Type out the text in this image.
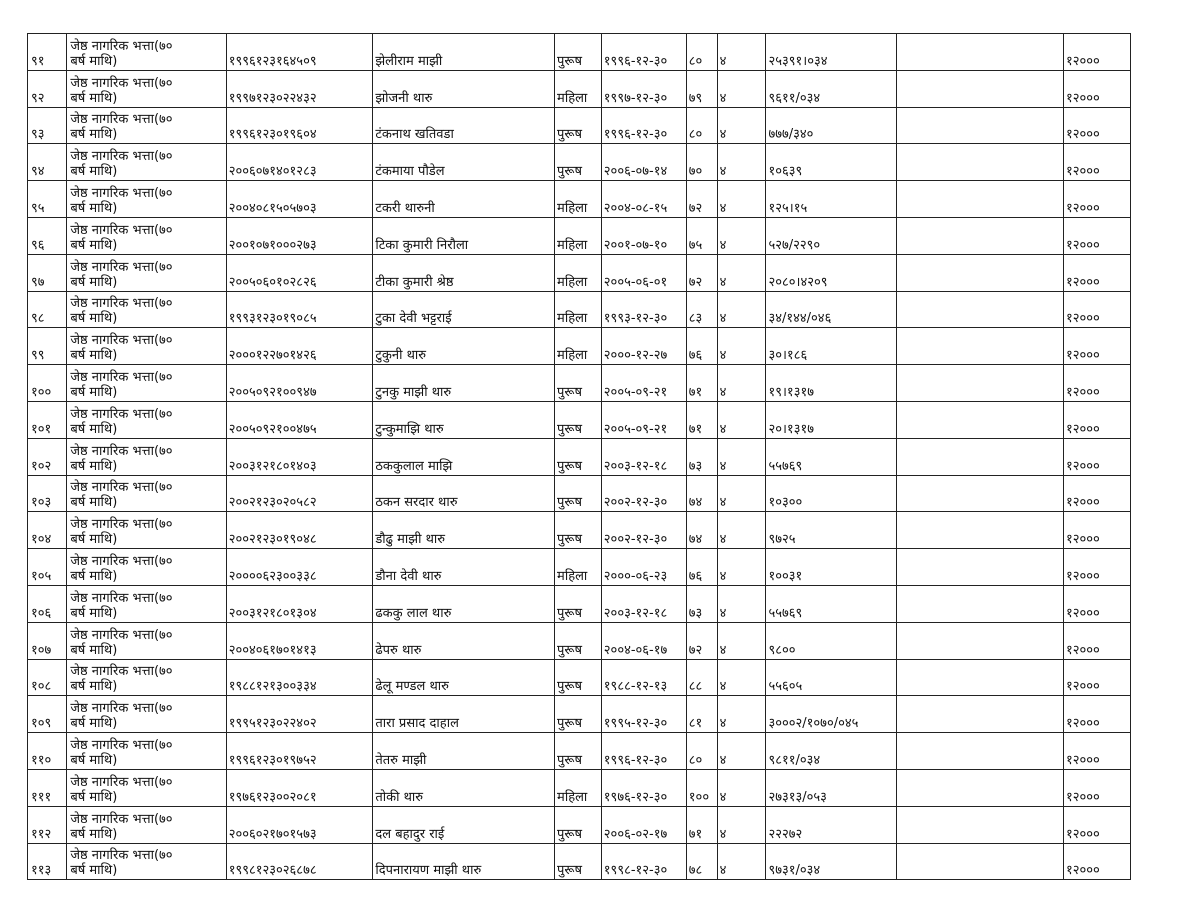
९१	जेष्ठ नागरिक भत्ता(७०
बर्ष माथि)	१९९६१२३१६४५०९	झेलीराम माझी	पुरूष	१९९६-१२-३०	८०	४	२५३९१।०३४		१२०००
९२	जेष्ठ नागरिक भत्ता(७०
बर्ष माथि)	१९९७१२३०२२४३२	झोजनी थारु	महिला	१९९७-१२-३०	७९	४	९६११/०३४		१२०००
९३	जेष्ठ नागरिक भत्ता(७०
बर्ष माथि)	१९९६१२३०१९६०४	टंकनाथ खतिवडा	पुरूष	१९९६-१२-३०	८०	४	७७७/३४०		१२०००
९४	जेष्ठ नागरिक भत्ता(७०
बर्ष माथि)	२००६०७१४०१२८३	टंकमाया पौडेल	पुरूष	२००६-०७-१४	७०	४	१०६३९		१२०००
९५	जेष्ठ नागरिक भत्ता(७०
बर्ष माथि)	२००४०८१५०५७०३	टकरी थारुनी	महिला	२००४-०८-१५	७२	४	१२५।१५		१२०००
९६	जेष्ठ नागरिक भत्ता(७०
बर्ष माथि)	२००१०७१०००२७३	टिका कुमारी निरौला	महिला	२००१-०७-१०	७५	४	५२७/२२९०		१२०००
९७	जेष्ठ नागरिक भत्ता(७०
बर्ष माथि)	२००५०६०१०२८२६	टीका कुमारी श्रेष्ठ	महिला	२००५-०६-०१	७२	४	२०८०।४२०९		१२०००
९८	जेष्ठ नागरिक भत्ता(७०
बर्ष माथि)	१९९३१२३०१९०८५	टुका देवी भट्टराई	महिला	१९९३-१२-३०	८३	४	३४/१४४/०४६		१२०००
९९	जेष्ठ नागरिक भत्ता(७०
बर्ष माथि)	२०००१२२७०१४२६	टुकुनी थारु	महिला	२०००-१२-२७	७६	४	३०।१८६		१२०००
१००	जेष्ठ नागरिक भत्ता(७०
बर्ष माथि)	२००५०९२१००९४७	टुनकु माझी थारु	पुरूष	२००५-०९-२१	७१	४	१९।१३१७		१२०००
१०१	जेष्ठ नागरिक भत्ता(७०
बर्ष माथि)	२००५०९२१००४७५	टुन्कुमाझि थारु	पुरूष	२००५-०९-२१	७१	४	२०।१३१७		१२०००
१०२	जेष्ठ नागरिक भत्ता(७०
बर्ष माथि)	२००३१२१८०१४०३	ठककुलाल माझि	पुरूष	२००३-१२-१८	७३	४	५५७६९		१२०००
१०३	जेष्ठ नागरिक भत्ता(७०
बर्ष माथि)	२००२१२३०२०५८२	ठकन सरदार थारु	पुरूष	२००२-१२-३०	७४	४	१०३००		१२०००
१०४	जेष्ठ नागरिक भत्ता(७०
बर्ष माथि)	२००२१२३०१९०४८	डौढु माझी थारु	पुरूष	२००२-१२-३०	७४	४	९७२५		१२०००
१०५	जेष्ठ नागरिक भत्ता(७०
बर्ष माथि)	२००००६२३००३३८	डौना देवी थारु	महिला	२०००-०६-२३	७६	४	१००३१		१२०००
१०६	जेष्ठ नागरिक भत्ता(७०
बर्ष माथि)	२००३१२१८०१३०४	ढककु लाल थारु	पुरूष	२००३-१२-१८	७३	४	५५७६९		१२०००
१०७	जेष्ठ नागरिक भत्ता(७०
बर्ष माथि)	२००४०६१७०१४१३	ढेपरु थारु	पुरूष	२००४-०६-१७	७२	४	९८००		१२०००
१०८	जेष्ठ नागरिक भत्ता(७०
बर्ष माथि)	१९८८१२१३००३३४	ढेलू मण्डल थारु	पुरूष	१९८८-१२-१३	८८	४	५५६०५		१२०००
१०९	जेष्ठ नागरिक भत्ता(७०
बर्ष माथि)	१९९५१२३०२२४०२	तारा प्रसाद दाहाल	पुरूष	१९९५-१२-३०	८१	४	३०००२/१०७०/०४५		१२०००
११०	जेष्ठ नागरिक भत्ता(७०
बर्ष माथि)	१९९६१२३०१९७५२	तेतरु माझी	पुरूष	१९९६-१२-३०	८०	४	९८११/०३४		१२०००
१११	जेष्ठ नागरिक भत्ता(७०
बर्ष माथि)	१९७६१२३००२०८१	तोकी थारु	महिला	१९७६-१२-३०	१००	४	२७३१३/०५३		१२०००
११२	जेष्ठ नागरिक भत्ता(७०
बर्ष माथि)	२००६०२१७०१५७३	दल बहादुर राई	पुरूष	२००६-०२-१७	७१	४	२२२७२		१२०००
११३	जेष्ठ नागरिक भत्ता(७०
बर्ष माथि)	१९९८१२३०२६८७८	दिपनारायण माझी थारु	पुरूष	१९९८-१२-३०	७८	४	९७३१/०३४		१२०००
